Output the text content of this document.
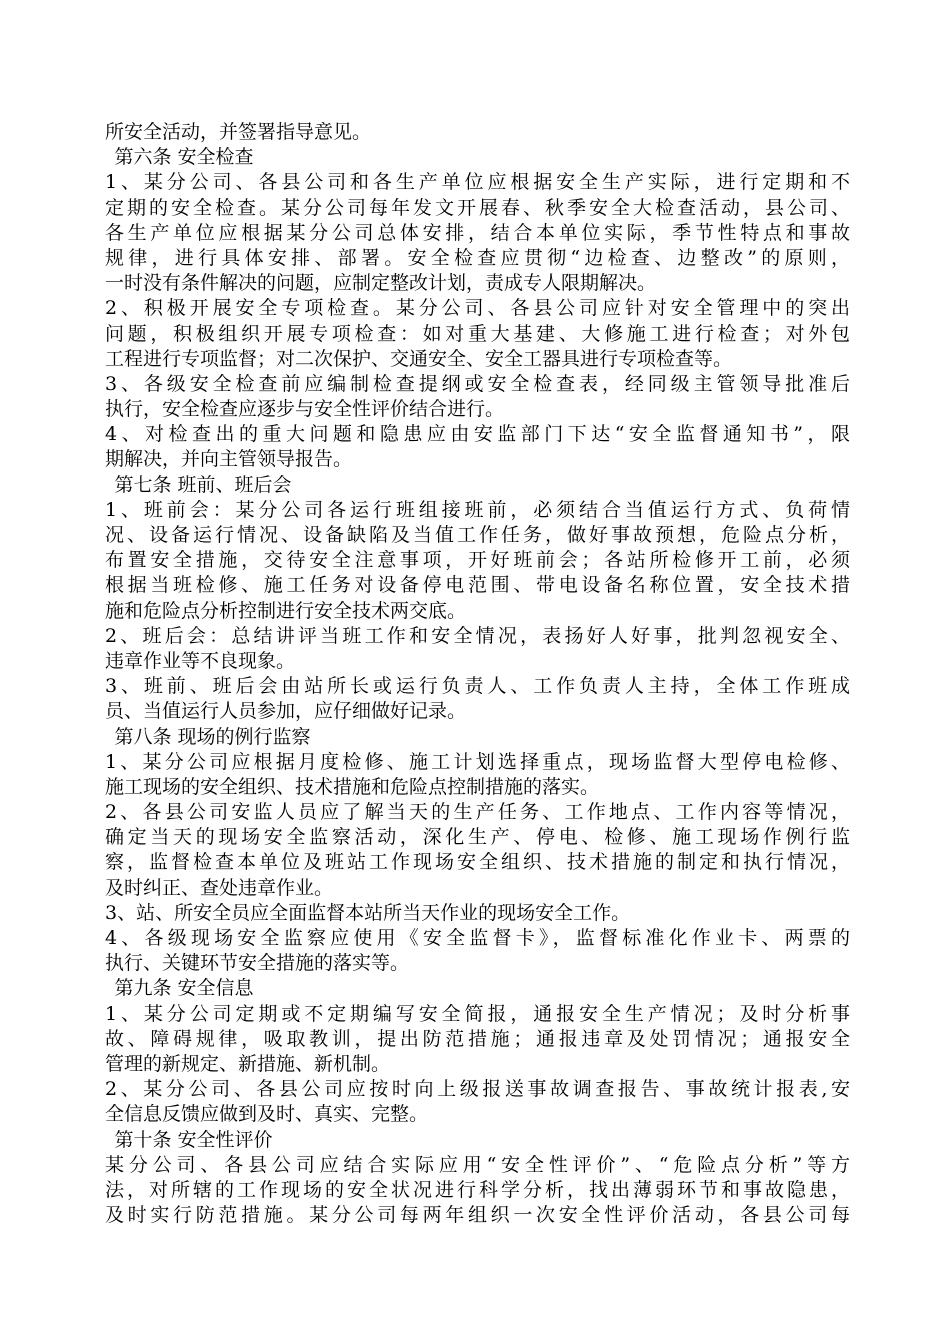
所安全活动，并签署指导意见。
第六条 安全检查
1、某分公司、各县公司和各生产单位应根据安全生产实际，进行定期和不
定期的安全检查。某分公司每年发文开展春、秋季安全大检查活动，县公司、
各生产单位应根据某分公司总体安排，结合本单位实际，季节性特点和事故
规律，进行具体安排、部署。安全检查应贯彻“边检查、边整改”的原则，
一时没有条件解决的问题，应制定整改计划，责成专人限期解决。
2、积极开展安全专项检查。某分公司、各县公司应针对安全管理中的突出
问题，积极组织开展专项检查：如对重大基建、大修施工进行检查；对外包
工程进行专项监督；对二次保护、交通安全、安全工器具进行专项检查等。
3、各级安全检查前应编制检查提纲或安全检查表，经同级主管领导批准后
执行，安全检查应逐步与安全性评价结合进行。
4、对检查出的重大问题和隐患应由安监部门下达“安全监督通知书”，限
期解决，并向主管领导报告。
第七条 班前、班后会
1、班前会：某分公司各运行班组接班前，必须结合当值运行方式、负荷情
况、设备运行情况、设备缺陷及当值工作任务，做好事故预想，危险点分析，
布置安全措施，交待安全注意事项，开好班前会；各站所检修开工前，必须
根据当班检修、施工任务对设备停电范围、带电设备名称位置，安全技术措
施和危险点分析控制进行安全技术两交底。
2、班后会：总结讲评当班工作和安全情况，表扬好人好事，批判忽视安全、
违章作业等不良现象。
3、班前、班后会由站所长或运行负责人、工作负责人主持，全体工作班成
员、当值运行人员参加，应仔细做好记录。
第八条 现场的例行监察
1、某分公司应根据月度检修、施工计划选择重点，现场监督大型停电检修、
施工现场的安全组织、技术措施和危险点控制措施的落实。
2、各县公司安监人员应了解当天的生产任务、工作地点、工作内容等情况，
确定当天的现场安全监察活动，深化生产、停电、检修、施工现场作例行监
察，监督检查本单位及班站工作现场安全组织、技术措施的制定和执行情况，
及时纠正、查处违章作业。
3、站、所安全员应全面监督本站所当天作业的现场安全工作。
4、各级现场安全监察应使用《安全监督卡》，监督标准化作业卡、两票的
执行、关键环节安全措施的落实等。
第九条 安全信息
1、某分公司定期或不定期编写安全简报，通报安全生产情况；及时分析事
故、障碍规律，吸取教训，提出防范措施；通报违章及处罚情况；通报安全
管理的新规定、新措施、新机制。
2、某分公司、各县公司应按时向上级报送事故调查报告、事故统计报表,安
全信息反馈应做到及时、真实、完整。
第十条 安全性评价
某分公司、各县公司应结合实际应用“安全性评价”、“危险点分析”等方
法，对所辖的工作现场的安全状况进行科学分析，找出薄弱环节和事故隐患，
及时实行防范措施。某分公司每两年组织一次安全性评价活动，各县公司每
